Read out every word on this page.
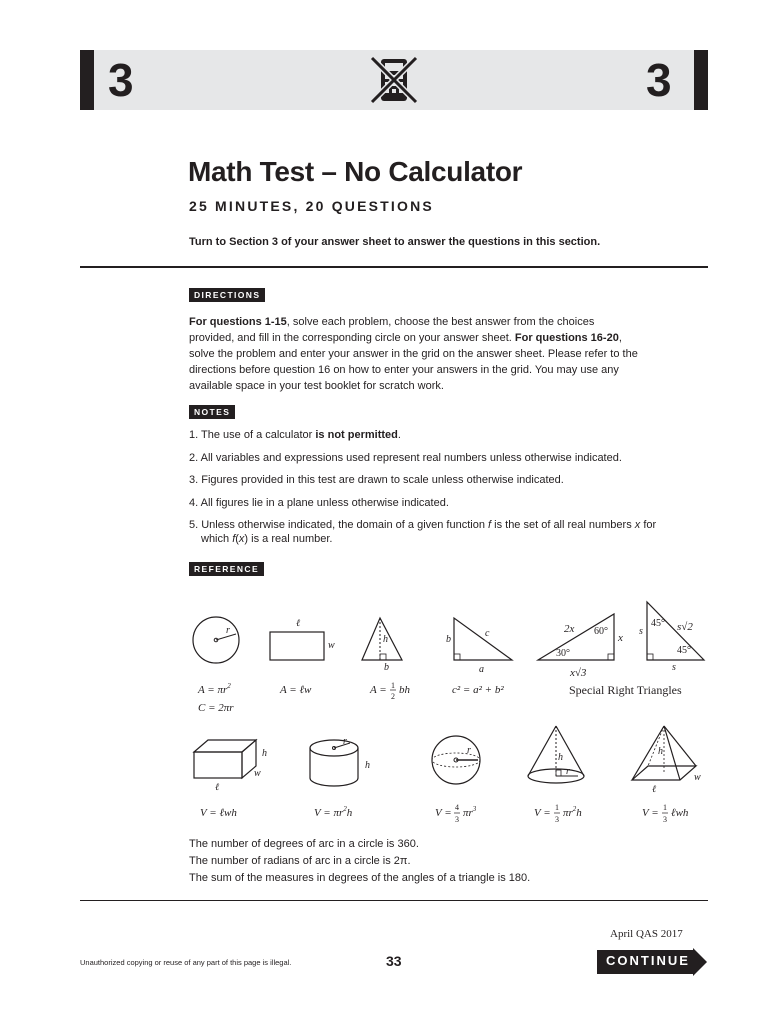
3	3
Math Test – No Calculator
25 MINUTES, 20 QUESTIONS
Turn to Section 3 of your answer sheet to answer the questions in this section.
DIRECTIONS

For questions 1-15, solve each problem, choose the best answer from the choices provided, and fill in the corresponding circle on your answer sheet. For questions 16-20, solve the problem and enter your answer in the grid on the answer sheet. Please refer to the directions before question 16 on how to enter your answers in the grid. You may use any available space in your test booklet for scratch work.

NOTES
1. The use of a calculator is not permitted.
2. All variables and expressions used represent real numbers unless otherwise indicated.
3. Figures provided in this test are drawn to scale unless otherwise indicated.
4. All figures lie in a plane unless otherwise indicated.
5. Unless otherwise indicated, the domain of a given function f is the set of all real numbers x for which f(x) is a real number.
REFERENCE
r
$A = \pi r^2$
C = 2πr
ℓ
w
A = ℓw
h
b
A = 1
2
bh
b
c
a
c² = a² + b²
2x 60°
x
30°
x√3
s
45° s√2
45°
s
Special Right Triangles
h
ℓ
w
V = ℓwh
r
h
$V = \pi r^2h$
r
V = 4
3
$\pi r^3$
h
r
V = 1
3
$\pi r^2h$
h
ℓ
w
V = 1
3
ℓwh
The number of degrees of arc in a circle is 360.
The number of radians of arc in a circle is 2π.
The sum of the measures in degrees of the angles of a triangle is 180.
April QAS 2017
Unauthorized copying or reuse of any part of this page is illegal.	33	CONTINUE
